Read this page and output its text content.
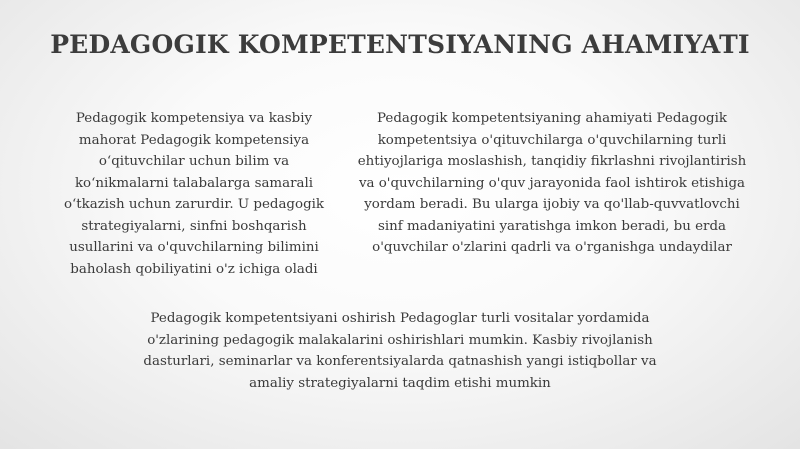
PEDAGOGIK KOMPETENTSIYANING AHAMIYATI
Pedagogik kompetensiya va kasbiy mahorat Pedagogik kompetensiya o‘qituvchilar uchun bilim va ko‘nikmalarni talabalarga samarali o‘tkazish uchun zarurdir. U pedagogik strategiyalarni, sinfni boshqarish usullarini va o'quvchilarning bilimini baholash qobiliyatini o'z ichiga oladi
Pedagogik kompetentsiyaning ahamiyati Pedagogik kompetentsiya o'qituvchilarga o'quvchilarning turli ehtiyojlariga moslashish, tanqidiy fikrlashni rivojlantirish va o'quvchilarning o'quv jarayonida faol ishtirok etishiga yordam beradi. Bu ularga ijobiy va qo'llab-quvvatlovchi sinf madaniyatini yaratishga imkon beradi, bu erda o'quvchilar o'zlarini qadrli va o'rganishga undaydilar
Pedagogik kompetentsiyani oshirish Pedagoglar turli vositalar yordamida o'zlarining pedagogik malakalarini oshirishlari mumkin. Kasbiy rivojlanish dasturlari, seminarlar va konferentsiyalarda qatnashish yangi istiqbollar va amaliy strategiyalarni taqdim etishi mumkin
